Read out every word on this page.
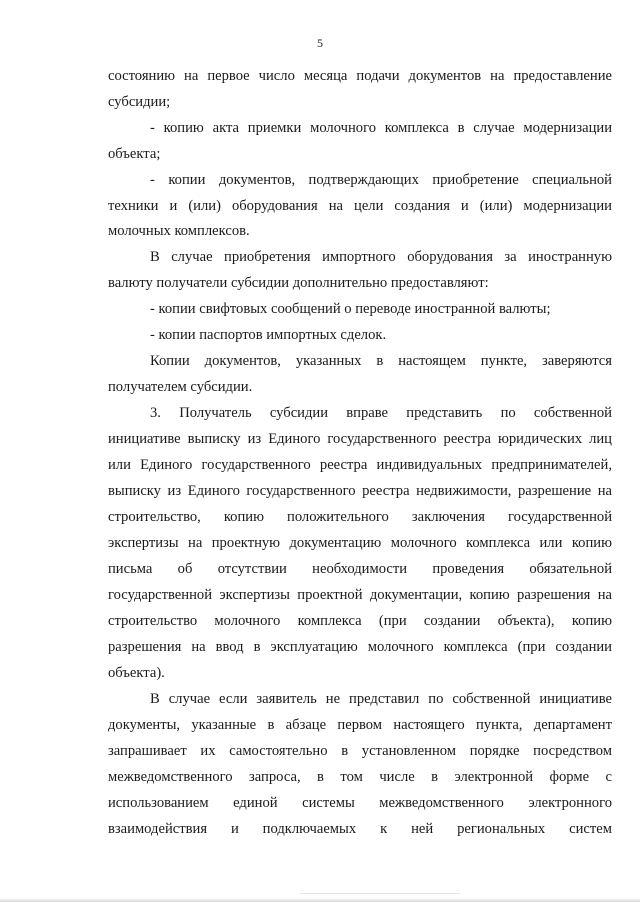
5
состоянию на первое число месяца подачи документов на предоставление
субсидии;
- копию акта приемки молочного комплекса в случае модернизации
объекта;
- копии документов, подтверждающих приобретение специальной
техники и (или) оборудования на цели создания и (или) модернизации
молочных комплексов.
В случае приобретения импортного оборудования за иностранную
валюту получатели субсидии дополнительно предоставляют:
- копии свифтовых сообщений о переводе иностранной валюты;
- копии паспортов импортных сделок.
Копии документов, указанных в настоящем пункте, заверяются
получателем субсидии.
3. Получатель субсидии вправе представить по собственной
инициативе выписку из Единого государственного реестра юридических лиц
или Единого государственного реестра индивидуальных предпринимателей,
выписку из Единого государственного реестра недвижимости, разрешение на
строительство, копию положительного заключения государственной
экспертизы на проектную документацию молочного комплекса или копию
письма об отсутствии необходимости проведения обязательной
государственной экспертизы проектной документации, копию разрешения на
строительство молочного комплекса (при создании объекта), копию
разрешения на ввод в эксплуатацию молочного комплекса (при создании
объекта).
В случае если заявитель не представил по собственной инициативе
документы, указанные в абзаце первом настоящего пункта, департамент
запрашивает их самостоятельно в установленном порядке посредством
межведомственного запроса, в том числе в электронной форме с
использованием единой системы межведомственного электронного
взаимодействия и подключаемых к ней региональных систем
